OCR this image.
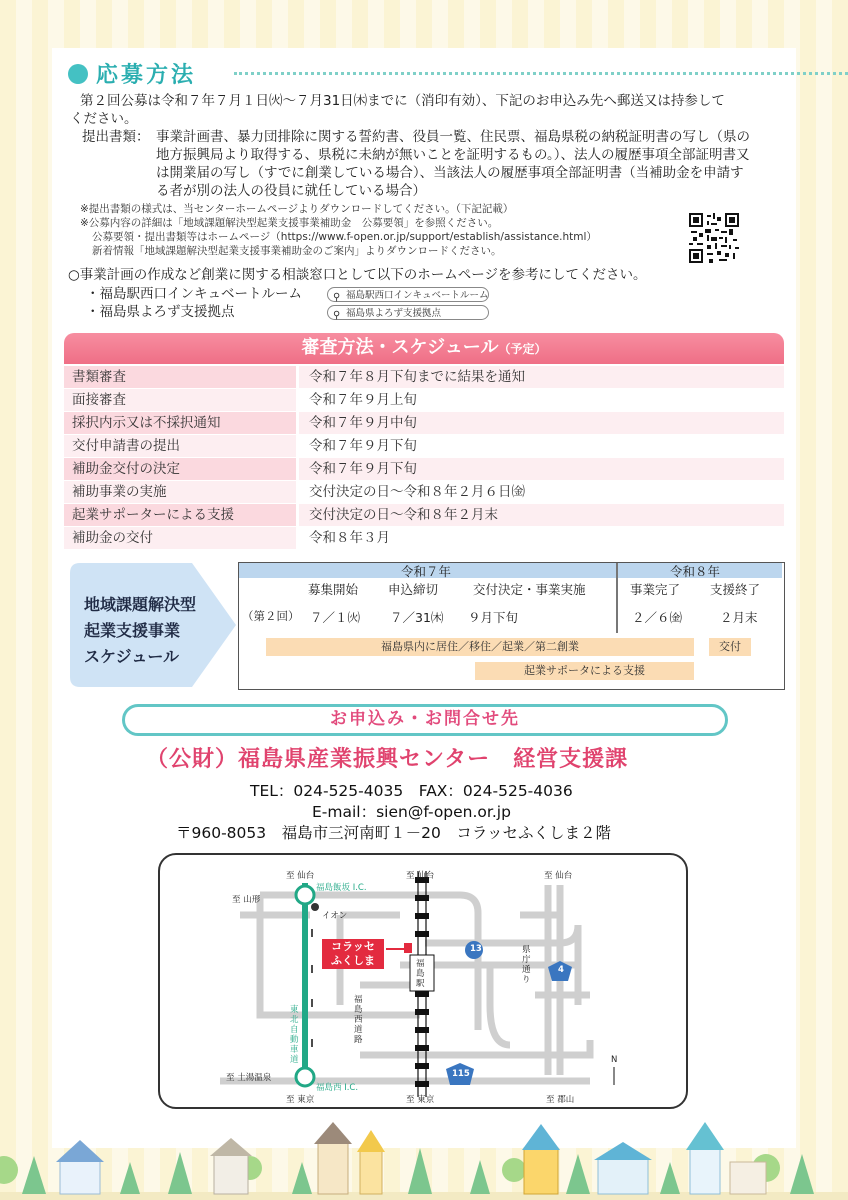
応募方法
第２回公募は令和７年７月１日㈫～７月31日㈭までに（消印有効）、下記のお申込み先へ郵送又は持参して
ください。
提出書類： 事業計画書、暴力団排除に関する誓約書、役員一覧、住民票、福島県税の納税証明書の写し（県の
地方振興局より取得する、県税に未納が無いことを証明するもの。）、法人の履歴事項全部証明書又
は開業届の写し（すでに創業している場合）、当該法人の履歴事項全部証明書（当補助金を申請す
る者が別の法人の役員に就任している場合）
※提出書類の様式は、当センターホームページよりダウンロードしてください。（下記記載）
※公募内容の詳細は「地域課題解決型起業支援事業補助金　公募要領」を参照ください。
公募要領・提出書類等はホームページ（https://www.f-open.or.jp/support/establish/assistance.html）
新着情報「地域課題解決型起業支援事業補助金のご案内」よりダウンロードください。
○事業計画の作成など創業に関する相談窓口として以下のホームページを参考にしてください。
・福島駅西口インキュベートルーム	⚲ 福島駅西口インキュベートルーム
・福島県よろず支援拠点	⚲ 福島県よろず支援拠点
審査方法・スケジュール（予定）
書類審査	令和７年８月下旬までに結果を通知
面接審査	令和７年９月上旬
採択内示又は不採択通知	令和７年９月中旬
交付申請書の提出	令和７年９月下旬
補助金交付の決定	令和７年９月下旬
補助事業の実施	交付決定の日～令和８年２月６日㈮
起業サポーターによる支援	交付決定の日～令和８年２月末
補助金の交付	令和８年３月
地域課題解決型
起業支援事業
スケジュール
令和７年	令和８年
募集開始 申込締切	交付決定・事業実施	事業完了 支援終了
（第２回） ７／１㈫ ７／31㈭ ９月下旬	２／６㈮	２月末
福島県内に居住／移住／起業／第二創業	交付
起業サポータによる支援
お申込み・お問合せ先
（公財）福島県産業振興センター　経営支援課
TEL：024-525-4035　FAX：024-525-4036
E-mail：sien@f-open.or.jp
〒960-8053　福島市三河南町１－20　コラッセふくしま２階
コラッセ
ふくしま
至 仙台	至 仙台	至 仙台
福島飯坂 I.C.
至 山形
イオン
13
4
115
県庁通り
福島駅
東北自動車道
福島西道路
至 土湯温泉
福島西 I.C.
至 東京	至 東京	至 郡山
N
